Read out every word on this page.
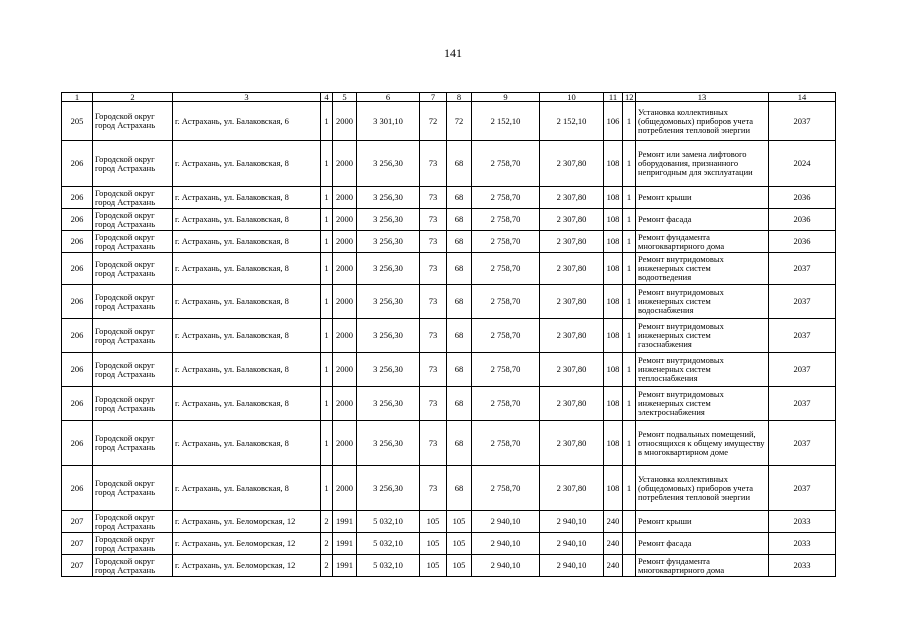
141
1	2	3	4	5	6	7	8	9	10	11	12	13	14
205	Городской округ город Астрахань	г. Астрахань, ул. Балаковская, 6	1	2000	3 301,10	72	72	2 152,10	2 152,10	106	1	Установка коллективных (общедомовых) приборов учета потребления тепловой энергии	2037
206	Городской округ город Астрахань	г. Астрахань, ул. Балаковская, 8	1	2000	3 256,30	73	68	2 758,70	2 307,80	108	1	Ремонт или замена лифтового оборудования, признанного непригодным для эксплуатации	2024
206	Городской округ город Астрахань	г. Астрахань, ул. Балаковская, 8	1	2000	3 256,30	73	68	2 758,70	2 307,80	108	1	Ремонт крыши	2036
206	Городской округ город Астрахань	г. Астрахань, ул. Балаковская, 8	1	2000	3 256,30	73	68	2 758,70	2 307,80	108	1	Ремонт фасада	2036
206	Городской округ город Астрахань	г. Астрахань, ул. Балаковская, 8	1	2000	3 256,30	73	68	2 758,70	2 307,80	108	1	Ремонт фундамента многоквартирного дома	2036
206	Городской округ город Астрахань	г. Астрахань, ул. Балаковская, 8	1	2000	3 256,30	73	68	2 758,70	2 307,80	108	1	Ремонт внутридомовых инженерных систем водоотведения	2037
206	Городской округ город Астрахань	г. Астрахань, ул. Балаковская, 8	1	2000	3 256,30	73	68	2 758,70	2 307,80	108	1	Ремонт внутридомовых инженерных систем водоснабжения	2037
206	Городской округ город Астрахань	г. Астрахань, ул. Балаковская, 8	1	2000	3 256,30	73	68	2 758,70	2 307,80	108	1	Ремонт внутридомовых инженерных систем газоснабжения	2037
206	Городской округ город Астрахань	г. Астрахань, ул. Балаковская, 8	1	2000	3 256,30	73	68	2 758,70	2 307,80	108	1	Ремонт внутридомовых инженерных систем теплоснабжения	2037
206	Городской округ город Астрахань	г. Астрахань, ул. Балаковская, 8	1	2000	3 256,30	73	68	2 758,70	2 307,80	108	1	Ремонт внутридомовых инженерных систем электроснабжения	2037
206	Городской округ город Астрахань	г. Астрахань, ул. Балаковская, 8	1	2000	3 256,30	73	68	2 758,70	2 307,80	108	1	Ремонт подвальных помещений, относящихся к общему имуществу в многоквартирном доме	2037
206	Городской округ город Астрахань	г. Астрахань, ул. Балаковская, 8	1	2000	3 256,30	73	68	2 758,70	2 307,80	108	1	Установка коллективных (общедомовых) приборов учета потребления тепловой энергии	2037
207	Городской округ город Астрахань	г. Астрахань, ул. Беломорская, 12	2	1991	5 032,10	105	105	2 940,10	2 940,10	240		Ремонт крыши	2033
207	Городской округ город Астрахань	г. Астрахань, ул. Беломорская, 12	2	1991	5 032,10	105	105	2 940,10	2 940,10	240		Ремонт фасада	2033
207	Городской округ город Астрахань	г. Астрахань, ул. Беломорская, 12	2	1991	5 032,10	105	105	2 940,10	2 940,10	240		Ремонт фундамента многоквартирного дома	2033
